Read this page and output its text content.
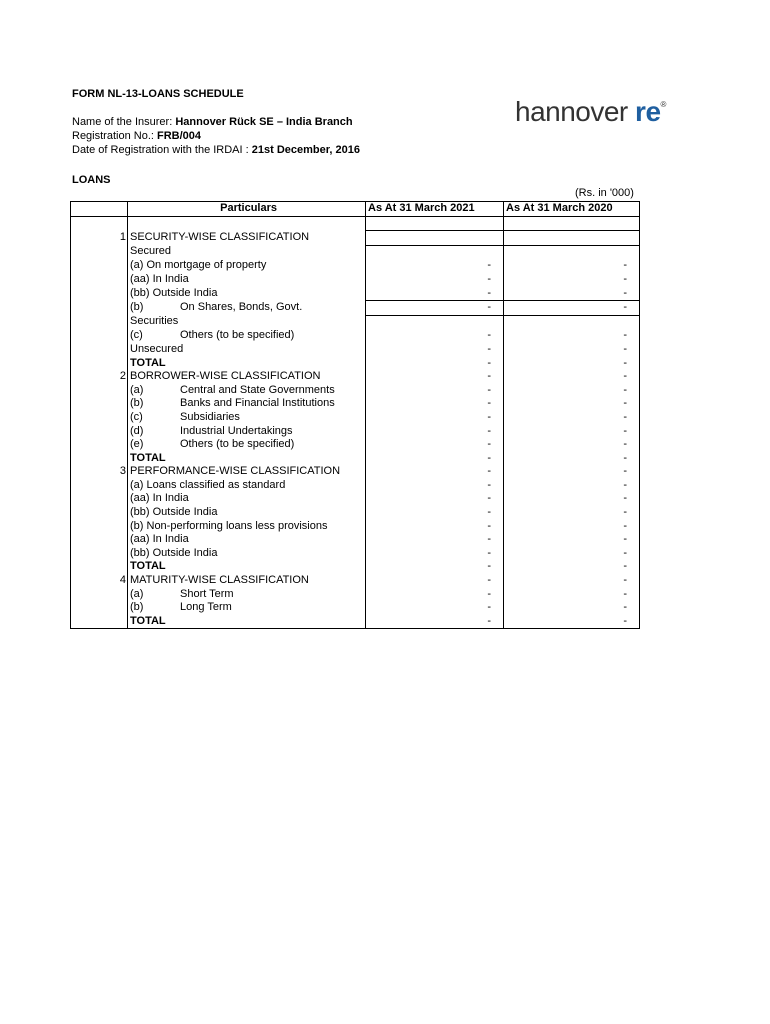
FORM NL-13-LOANS SCHEDULE
Name of the Insurer: Hannover Rück SE – India Branch
Registration No.: FRB/004
Date of Registration with the IRDAI : 21st December, 2016
hannover re®
LOANS
(Rs. in '000)
	Particulars	As At 31 March 2021	As At 31 March 2020

1	SECURITY-WISE CLASSIFICATION		
	Secured		
	(a) On mortgage of property	-	-
	(aa) In India	-	-
	(bb) Outside India	-	-
	(b) On Shares, Bonds, Govt.	-	-
	Securities		
	(c) Others (to be specified)	-	-
	Unsecured	-	-
	TOTAL	-	-
2	BORROWER-WISE CLASSIFICATION	-	-
	(a) Central and State Governments	-	-
	(b) Banks and Financial Institutions	-	-
	(c) Subsidiaries	-	-
	(d) Industrial Undertakings	-	-
	(e) Others (to be specified)	-	-
	TOTAL	-	-
3	PERFORMANCE-WISE CLASSIFICATION	-	-
	(a) Loans classified as standard	-	-
	(aa) In India	-	-
	(bb) Outside India	-	-
	(b) Non-performing loans less provisions	-	-
	(aa) In India	-	-
	(bb) Outside India	-	-
	TOTAL	-	-
4	MATURITY-WISE CLASSIFICATION	-	-
	(a) Short Term	-	-
	(b) Long Term	-	-
	TOTAL	-	-
